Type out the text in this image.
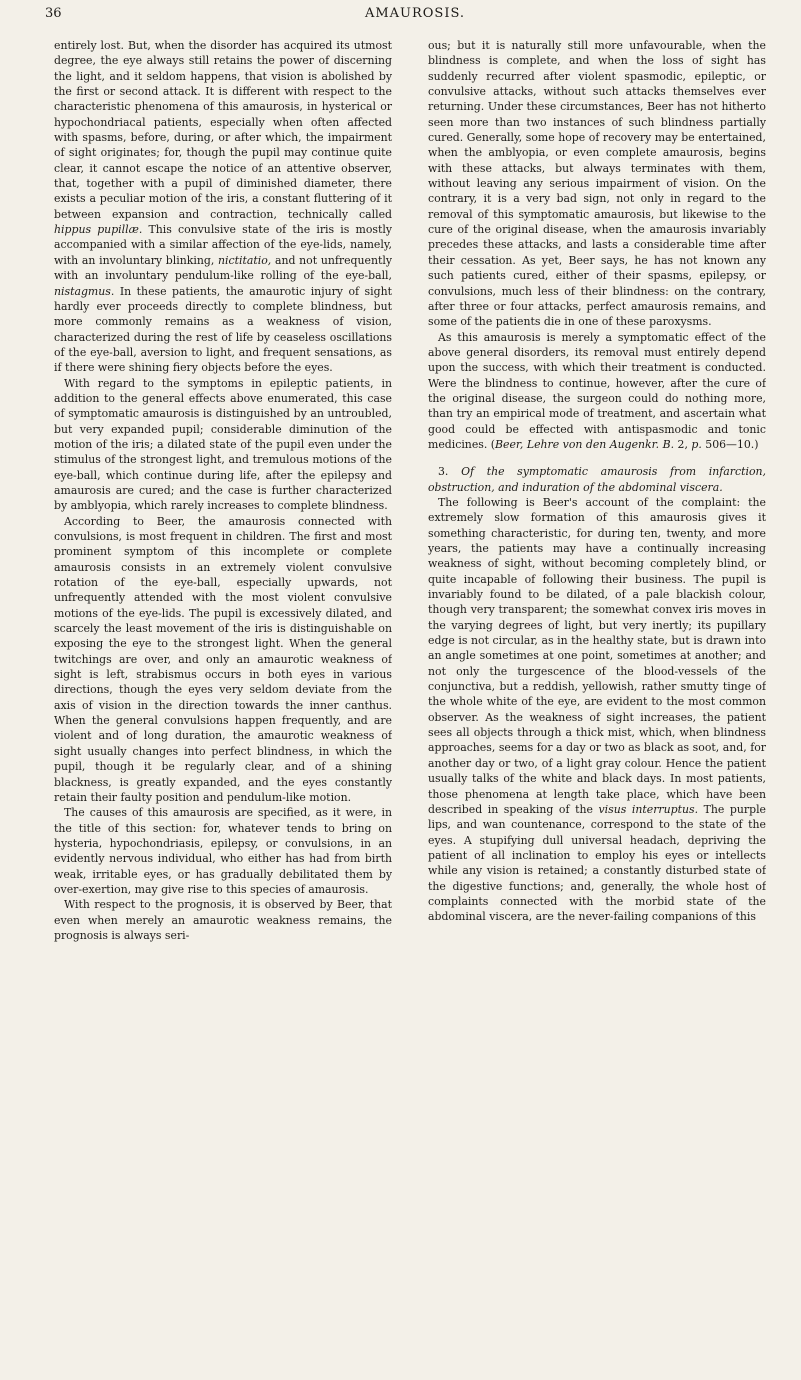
36	AMAUROSIS.

entirely lost. But, when the disorder has acquired its utmost degree, the eye always still retains the power of discerning the light, and it seldom happens, that vision is abolished by the first or second attack. It is different with respect to the characteristic phenomena of this amaurosis, in hysterical or hypochondriacal patients, especially when often affected with spasms, before, during, or after which, the impairment of sight originates; for, though the pupil may continue quite clear, it cannot escape the notice of an attentive observer, that, together with a pupil of diminished diameter, there exists a peculiar motion of the iris, a constant fluttering of it between expansion and contraction, technically called hippus pupillæ. This convulsive state of the iris is mostly accompanied with a similar affection of the eye-lids, namely, with an involuntary blinking, nictitatio, and not unfrequently with an involuntary pendulum-like rolling of the eye-ball, nistagmus. In these patients, the amaurotic injury of sight hardly ever proceeds directly to complete blindness, but more commonly remains as a weakness of vision, characterized during the rest of life by ceaseless oscillations of the eye-ball, aversion to light, and frequent sensations, as if there were shining fiery objects before the eyes.

With regard to the symptoms in epileptic patients, in addition to the general effects above enumerated, this case of symptomatic amaurosis is distinguished by an untroubled, but very expanded pupil; considerable diminution of the motion of the iris; a dilated state of the pupil even under the stimulus of the strongest light, and tremulous motions of the eye-ball, which continue during life, after the epilepsy and amaurosis are cured; and the case is further characterized by amblyopia, which rarely increases to complete blindness.

According to Beer, the amaurosis connected with convulsions, is most frequent in children. The first and most prominent symptom of this incomplete or complete amaurosis consists in an extremely violent convulsive rotation of the eye-ball, especially upwards, not unfrequently attended with the most violent convulsive motions of the eye-lids. The pupil is excessively dilated, and scarcely the least movement of the iris is distinguishable on exposing the eye to the strongest light. When the general twitchings are over, and only an amaurotic weakness of sight is left, strabismus occurs in both eyes in various directions, though the eyes very seldom deviate from the axis of vision in the direction towards the inner canthus. When the general convulsions happen frequently, and are violent and of long duration, the amaurotic weakness of sight usually changes into perfect blindness, in which the pupil, though it be regularly clear, and of a shining blackness, is greatly expanded, and the eyes constantly retain their faulty position and pendulum-like motion.

The causes of this amaurosis are specified, as it were, in the title of this section: for, whatever tends to bring on hysteria, hypochondriasis, epilepsy, or convulsions, in an evidently nervous individual, who either has had from birth weak, irritable eyes, or has gradually debilitated them by over-exertion, may give rise to this species of amaurosis.

With respect to the prognosis, it is observed by Beer, that even when merely an amaurotic weakness remains, the prognosis is always seri-

ous; but it is naturally still more unfavourable, when the blindness is complete, and when the loss of sight has suddenly recurred after violent spasmodic, epileptic, or convulsive attacks, without such attacks themselves ever returning. Under these circumstances, Beer has not hitherto seen more than two instances of such blindness partially cured. Generally, some hope of recovery may be entertained, when the amblyopia, or even complete amaurosis, begins with these attacks, but always terminates with them, without leaving any serious impairment of vision. On the contrary, it is a very bad sign, not only in regard to the removal of this symptomatic amaurosis, but likewise to the cure of the original disease, when the amaurosis invariably precedes these attacks, and lasts a considerable time after their cessation. As yet, Beer says, he has not known any such patients cured, either of their spasms, epilepsy, or convulsions, much less of their blindness: on the contrary, after three or four attacks, perfect amaurosis remains, and some of the patients die in one of these paroxysms.

As this amaurosis is merely a symptomatic effect of the above general disorders, its removal must entirely depend upon the success, with which their treatment is conducted. Were the blindness to continue, however, after the cure of the original disease, the surgeon could do nothing more, than try an empirical mode of treatment, and ascertain what good could be effected with antispasmodic and tonic medicines. (Beer, Lehre von den Augenkr. B. 2, p. 506—10.)

3. Of the symptomatic amaurosis from infarction, obstruction, and induration of the abdominal viscera.

The following is Beer's account of the complaint: the extremely slow formation of this amaurosis gives it something characteristic, for during ten, twenty, and more years, the patients may have a continually increasing weakness of sight, without becoming completely blind, or quite incapable of following their business. The pupil is invariably found to be dilated, of a pale blackish colour, though very transparent; the somewhat convex iris moves in the varying degrees of light, but very inertly; its pupillary edge is not circular, as in the healthy state, but is drawn into an angle sometimes at one point, sometimes at another; and not only the turgescence of the blood-vessels of the conjunctiva, but a reddish, yellowish, rather smutty tinge of the whole white of the eye, are evident to the most common observer. As the weakness of sight increases, the patient sees all objects through a thick mist, which, when blindness approaches, seems for a day or two as black as soot, and, for another day or two, of a light gray colour. Hence the patient usually talks of the white and black days. In most patients, those phenomena at length take place, which have been described in speaking of the visus interruptus. The purple lips, and wan countenance, correspond to the state of the eyes. A stupifying dull universal headach, depriving the patient of all inclination to employ his eyes or intellects while any vision is retained; a constantly disturbed state of the digestive functions; and, generally, the whole host of complaints connected with the morbid state of the abdominal viscera, are the never-failing companions of this
